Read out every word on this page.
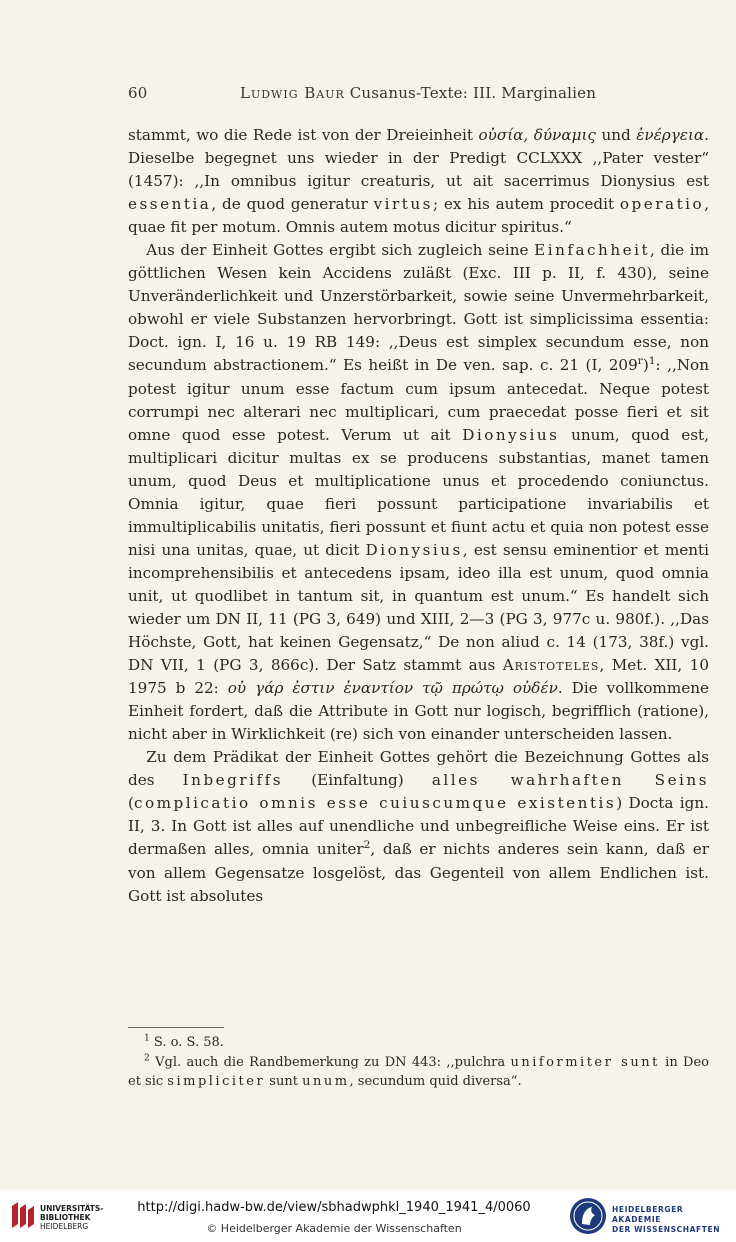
60	Ludwig Baur Cusanus-Texte: III. Marginalien

stammt, wo die Rede ist von der Dreieinheit οὐσία, δύναμις und ἐνέργεια. Dieselbe begegnet uns wieder in der Predigt CCLXXX ,,Pater vester“ (1457): ,,In omnibus igitur creaturis, ut ait sacerrimus Dionysius est essentia, de quod generatur virtus; ex his autem procedit operatio, quae fit per motum. Omnis autem motus dicitur spiritus.“

Aus der Einheit Gottes ergibt sich zugleich seine Einfachheit, die im göttlichen Wesen kein Accidens zuläßt (Exc. III p. II, f. 430), seine Unveränderlichkeit und Unzerstörbarkeit, sowie seine Unvermehrbarkeit, obwohl er viele Substanzen hervorbringt. Gott ist simplicissima essentia: Doct. ign. I, 16 u. 19 RB 149: ,,Deus est simplex secundum esse, non secundum abstractionem.“ Es heißt in De ven. sap. c. 21 (I, 209$^r$)$^1$: ,,Non potest igitur unum esse factum cum ipsum antecedat. Neque potest corrumpi nec alterari nec multiplicari, cum praecedat posse fieri et sit omne quod esse potest. Verum ut ait Dionysius unum, quod est, multiplicari dicitur multas ex se producens substantias, manet tamen unum, quod Deus et multiplicatione unus et procedendo coniunctus. Omnia igitur, quae fieri possunt participatione invariabilis et immultiplicabilis unitatis, fieri possunt et fiunt actu et quia non potest esse nisi una unitas, quae, ut dicit Dionysius, est sensu eminentior et menti incomprehensibilis et antecedens ipsam, ideo illa est unum, quod omnia unit, ut quodlibet in tantum sit, in quantum est unum.“ Es handelt sich wieder um DN II, 11 (PG 3, 649) und XIII, 2—3 (PG 3, 977c u. 980f.). ,,Das Höchste, Gott, hat keinen Gegensatz,“ De non aliud c. 14 (173, 38f.) vgl. DN VII, 1 (PG 3, 866c). Der Satz stammt aus Aristoteles, Met. XII, 10 1975 b 22: οὐ γάρ ἐστιν ἐναντίον τῷ πρώτῳ οὐδέν. Die vollkommene Einheit fordert, daß die Attribute in Gott nur logisch, begrifflich (ratione), nicht aber in Wirklichkeit (re) sich von einander unterscheiden lassen.

Zu dem Prädikat der Einheit Gottes gehört die Bezeichnung Gottes als des Inbegriffs (Einfaltung) alles wahrhaften Seins (complicatio omnis esse cuiuscumque existentis) Docta ign. II, 3. In Gott ist alles auf unendliche und unbegreifliche Weise eins. Er ist dermaßen alles, omnia uniter$^2$, daß er nichts anderes sein kann, daß er von allem Gegensatze losgelöst, das Gegenteil von allem Endlichen ist. Gott ist absolutes

$^1$ S. o. S. 58.

$^2$ Vgl. auch die Randbemerkung zu DN 443: ,,pulchra uniformiter sunt in Deo et sic simpliciter sunt unum, secundum quid diversa“.

UNIVERSITÄTS-
BIBLIOTHEK
HEIDELBERG
http://digi.hadw-bw.de/view/sbhadwphkl_1940_1941_4/0060
© Heidelberger Akademie der Wissenschaften
HEIDELBERGER AKADEMIE
DER WISSENSCHAFTEN
